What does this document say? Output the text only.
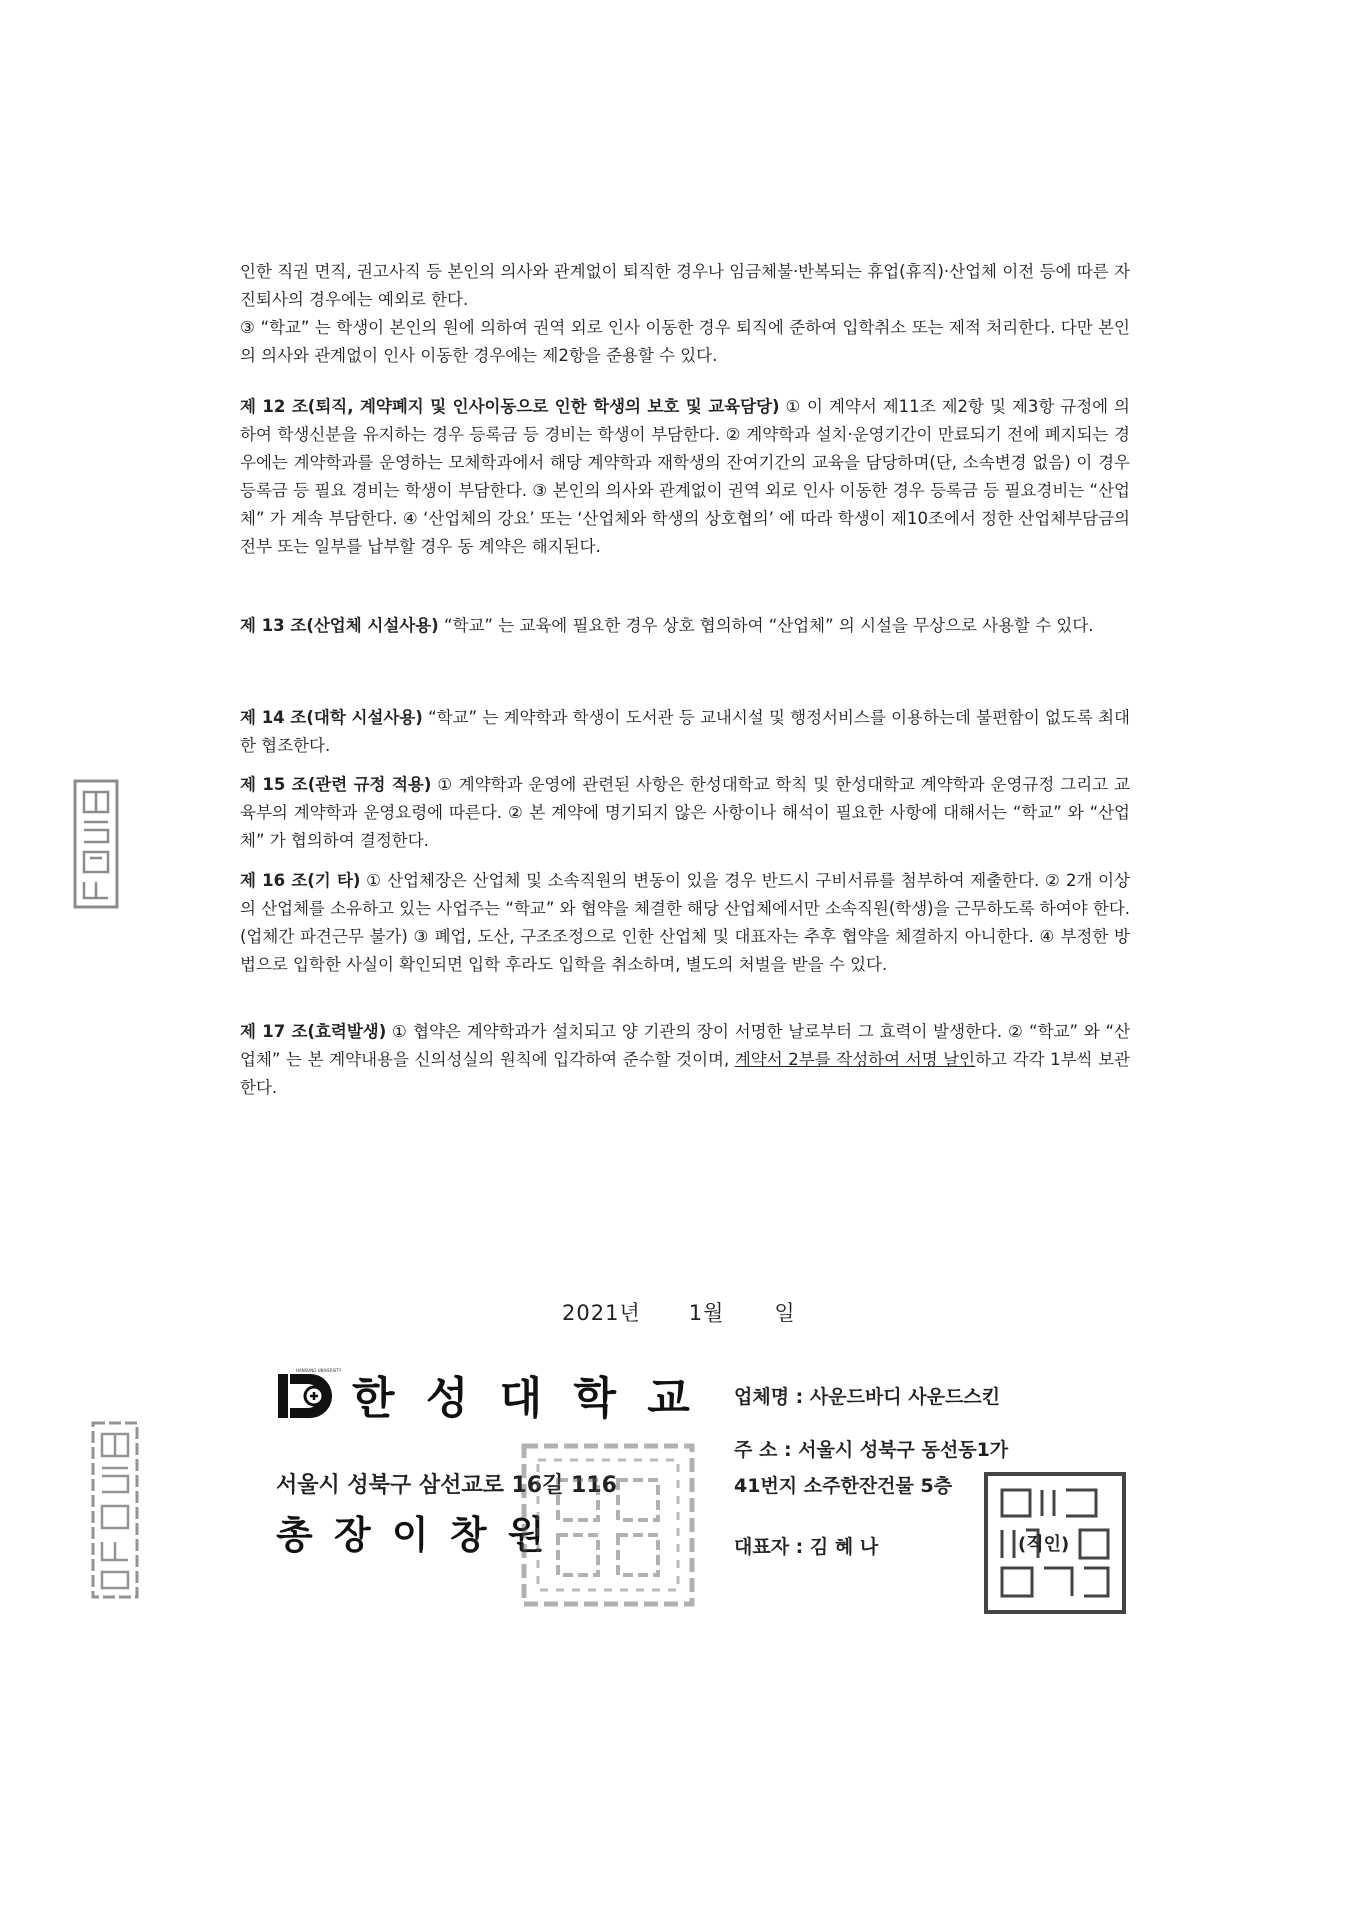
인한 직권 면직, 권고사직 등 본인의 의사와 관계없이 퇴직한 경우나 임금체불·반복되는 휴업(휴직)·산업체 이전 등에 따른 자진퇴사의 경우에는 예외로 한다.

③ “학교” 는 학생이 본인의 원에 의하여 권역 외로 인사 이동한 경우 퇴직에 준하여 입학취소 또는 제적 처리한다. 다만 본인의 의사와 관계없이 인사 이동한 경우에는 제2항을 준용할 수 있다.

제 12 조(퇴직, 계약폐지 및 인사이동으로 인한 학생의 보호 및 교육담당) ① 이 계약서 제11조 제2항 및 제3항 규정에 의하여 학생신분을 유지하는 경우 등록금 등 경비는 학생이 부담한다. ② 계약학과 설치·운영기간이 만료되기 전에 폐지되는 경우에는 계약학과를 운영하는 모체학과에서 해당 계약학과 재학생의 잔여기간의 교육을 담당하며(단, 소속변경 없음) 이 경우 등록금 등 필요 경비는 학생이 부담한다. ③ 본인의 의사와 관계없이 권역 외로 인사 이동한 경우 등록금 등 필요경비는 “산업체” 가 계속 부담한다. ④ ‘산업체의 강요’ 또는 ‘산업체와 학생의 상호협의’ 에 따라 학생이 제10조에서 정한 산업체부담금의 전부 또는 일부를 납부할 경우 동 계약은 해지된다.
제 13 조(산업체 시설사용) “학교” 는 교육에 필요한 경우 상호 협의하여 “산업체” 의 시설을 무상으로 사용할 수 있다.
제 14 조(대학 시설사용) “학교” 는 계약학과 학생이 도서관 등 교내시설 및 행정서비스를 이용하는데 불편함이 없도록 최대한 협조한다.
제 15 조(관련 규정 적용) ① 계약학과 운영에 관련된 사항은 한성대학교 학칙 및 한성대학교 계약학과 운영규정 그리고 교육부의 계약학과 운영요령에 따른다. ② 본 계약에 명기되지 않은 사항이나 해석이 필요한 사항에 대해서는 “학교” 와 “산업체” 가 협의하여 결정한다.
제 16 조(기 타) ① 산업체장은 산업체 및 소속직원의 변동이 있을 경우 반드시 구비서류를 첨부하여 제출한다. ② 2개 이상의 산업체를 소유하고 있는 사업주는 “학교” 와 협약을 체결한 해당 산업체에서만 소속직원(학생)을 근무하도록 하여야 한다.(업체간 파견근무 불가) ③ 폐업, 도산, 구조조정으로 인한 산업체 및 대표자는 추후 협약을 체결하지 아니한다. ④ 부정한 방법으로 입학한 사실이 확인되면 입학 후라도 입학을 취소하며, 별도의 처벌을 받을 수 있다.
제 17 조(효력발생) ① 협약은 계약학과가 설치되고 양 기관의 장이 서명한 날로부터 그 효력이 발생한다. ② “학교” 와 “산업체” 는 본 계약내용을 신의성실의 원칙에 입각하여 준수할 것이며, 계약서 2부를 작성하여 서명 날인하고 각각 1부씩 보관한다.
2021년 1월 일
HANSUNG UNIVERSITY
한 성 대 학 교
서울시 성북구 삼선교로 16길 116
총 장 이 창 원
업체명 : 사운드바디 사운드스킨
주 소 : 서울시 성북구 동선동1가
41번지 소주한잔건물 5층
대표자 : 김 혜 나	(직인)
